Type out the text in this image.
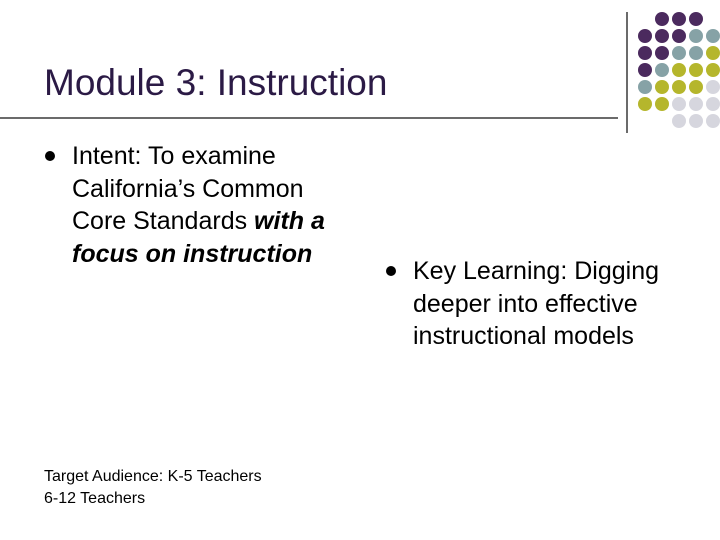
Module 3: Instruction
Intent: To examine California’s Common Core Standards with a focus on instruction
Key Learning: Digging deeper into effective instructional models
Target Audience: K-5 Teachers
6-12 Teachers
